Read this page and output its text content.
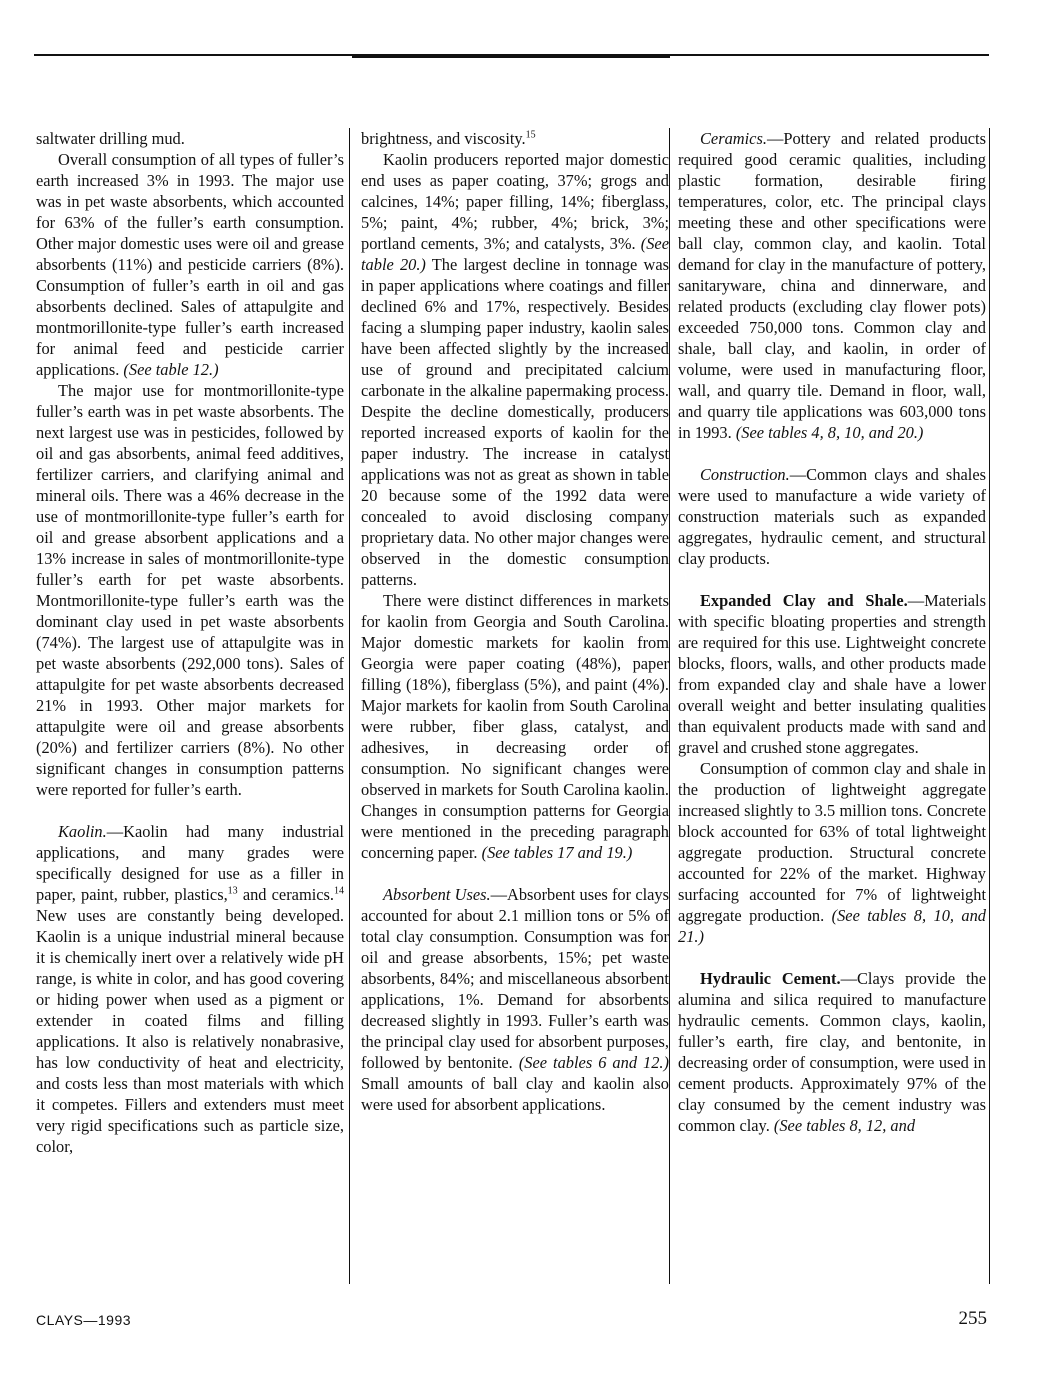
saltwater drilling mud.

Overall consumption of all types of fuller’s earth increased 3% in 1993. The major use was in pet waste absorbents, which accounted for 63% of the fuller’s earth consumption. Other major domestic uses were oil and grease absorbents (11%) and pesticide carriers (8%). Consumption of fuller’s earth in oil and gas absorbents declined. Sales of attapulgite and montmorillonite-type fuller’s earth increased for animal feed and pesticide carrier applications. (See table 12.)

The major use for montmorillonite-type fuller’s earth was in pet waste absorbents. The next largest use was in pesticides, followed by oil and gas absorbents, animal feed additives, fertilizer carriers, and clarifying animal and mineral oils. There was a 46% decrease in the use of montmorillonite-type fuller’s earth for oil and grease absorbent applications and a 13% increase in sales of montmorillonite-type fuller’s earth for pet waste absorbents. Montmorillonite-type fuller’s earth was the dominant clay used in pet waste absorbents (74%). The largest use of attapulgite was in pet waste absorbents (292,000 tons). Sales of attapulgite for pet waste absorbents decreased 21% in 1993. Other major markets for attapulgite were oil and grease absorbents (20%) and fertilizer carriers (8%). No other significant changes in consumption patterns were reported for fuller’s earth.

Kaolin.—Kaolin had many industrial applications, and many grades were specifically designed for use as a filler in paper, paint, rubber, plastics,$^{13}$ and ceramics.$^{14}$ New uses are constantly being developed. Kaolin is a unique industrial mineral because it is chemically inert over a relatively wide pH range, is white in color, and has good covering or hiding power when used as a pigment or extender in coated films and filling applications. It also is relatively nonabrasive, has low conductivity of heat and electricity, and costs less than most materials with which it competes. Fillers and extenders must meet very rigid specifications such as particle size, color,

brightness, and viscosity.$^{15}$

Kaolin producers reported major domestic end uses as paper coating, 37%; grogs and calcines, 14%; paper filling, 14%; fiberglass, 5%; paint, 4%; rubber, 4%; brick, 3%; portland cements, 3%; and catalysts, 3%. (See table 20.) The largest decline in tonnage was in paper applications where coatings and filler declined 6% and 17%, respectively. Besides facing a slumping paper industry, kaolin sales have been affected slightly by the increased use of ground and precipitated calcium carbonate in the alkaline papermaking process. Despite the decline domestically, producers reported increased exports of kaolin for the paper industry. The increase in catalyst applications was not as great as shown in table 20 because some of the 1992 data were concealed to avoid disclosing company proprietary data. No other major changes were observed in the domestic consumption patterns.

There were distinct differences in markets for kaolin from Georgia and South Carolina. Major domestic markets for kaolin from Georgia were paper coating (48%), paper filling (18%), fiberglass (5%), and paint (4%). Major markets for kaolin from South Carolina were rubber, fiber glass, catalyst, and adhesives, in decreasing order of consumption. No significant changes were observed in markets for South Carolina kaolin. Changes in consumption patterns for Georgia were mentioned in the preceding paragraph concerning paper. (See tables 17 and 19.)

Absorbent Uses.—Absorbent uses for clays accounted for about 2.1 million tons or 5% of total clay consumption. Consumption was for oil and grease absorbents, 15%; pet waste absorbents, 84%; and miscellaneous absorbent applications, 1%. Demand for absorbents decreased slightly in 1993. Fuller’s earth was the principal clay used for absorbent purposes, followed by bentonite. (See tables 6 and 12.) Small amounts of ball clay and kaolin also were used for absorbent applications.

Ceramics.—Pottery and related products required good ceramic qualities, including plastic formation, desirable firing temperatures, color, etc. The principal clays meeting these and other specifications were ball clay, common clay, and kaolin. Total demand for clay in the manufacture of pottery, sanitaryware, china and dinnerware, and related products (excluding clay flower pots) exceeded 750,000 tons. Common clay and shale, ball clay, and kaolin, in order of volume, were used in manufacturing floor, wall, and quarry tile. Demand in floor, wall, and quarry tile applications was 603,000 tons in 1993. (See tables 4, 8, 10, and 20.)

Construction.—Common clays and shales were used to manufacture a wide variety of construction materials such as expanded aggregates, hydraulic cement, and structural clay products.

Expanded Clay and Shale.—Materials with specific bloating properties and strength are required for this use. Lightweight concrete blocks, floors, walls, and other products made from expanded clay and shale have a lower overall weight and better insulating qualities than equivalent products made with sand and gravel and crushed stone aggregates.

Consumption of common clay and shale in the production of lightweight aggregate increased slightly to 3.5 million tons. Concrete block accounted for 63% of total lightweight aggregate production. Structural concrete accounted for 22% of the market. Highway surfacing accounted for 7% of lightweight aggregate production. (See tables 8, 10, and 21.)

Hydraulic Cement.—Clays provide the alumina and silica required to manufacture hydraulic cements. Common clays, kaolin, fuller’s earth, fire clay, and bentonite, in decreasing order of consumption, were used in cement products. Approximately 97% of the clay consumed by the cement industry was common clay. (See tables 8, 12, and

CLAYS—1993	255
